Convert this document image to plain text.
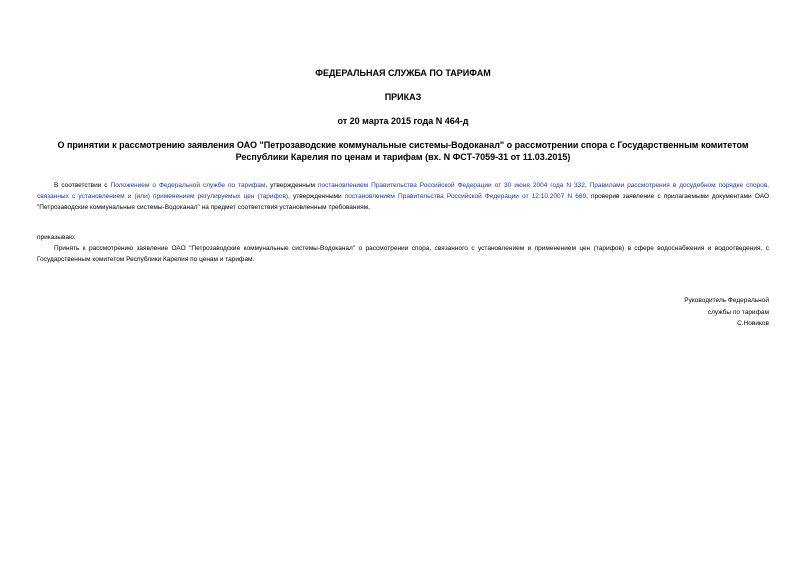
ФЕДЕРАЛЬНАЯ СЛУЖБА ПО ТАРИФАМ

ПРИКАЗ

от 20 марта 2015 года N 464-д

О принятии к рассмотрению заявления ОАО "Петрозаводские коммунальные системы-Водоканал" о рассмотрении спора с Государственным комитетом Республики Карелия по ценам и тарифам (вх. N ФСТ-7059-31 от 11.03.2015)

В соответствии с Положением о Федеральной службе по тарифам, утвержденным постановлением Правительства Российской Федерации от 30 июня 2004 года N 332, Правилами рассмотрения в досудебном порядке споров, связанных с установлением и (или) применением регулируемых цен (тарифов), утвержденными постановлением Правительства Российской Федерации от 12.10.2007 N 669, проверив заявление с прилагаемыми документами ОАО "Петрозаводские коммунальные системы-Водоканал" на предмет соответствия установленным требованиям,

приказываю:

Принять к рассмотрению заявление ОАО "Петрозаводские коммунальные системы-Водоканал" о рассмотрении спора, связанного с установлением и применением цен (тарифов) в сфере водоснабжения и водоотведения, с Государственным комитетом Республики Карелия по ценам и тарифам.

Руководитель Федеральной
службы по тарифам
С.Новиков
